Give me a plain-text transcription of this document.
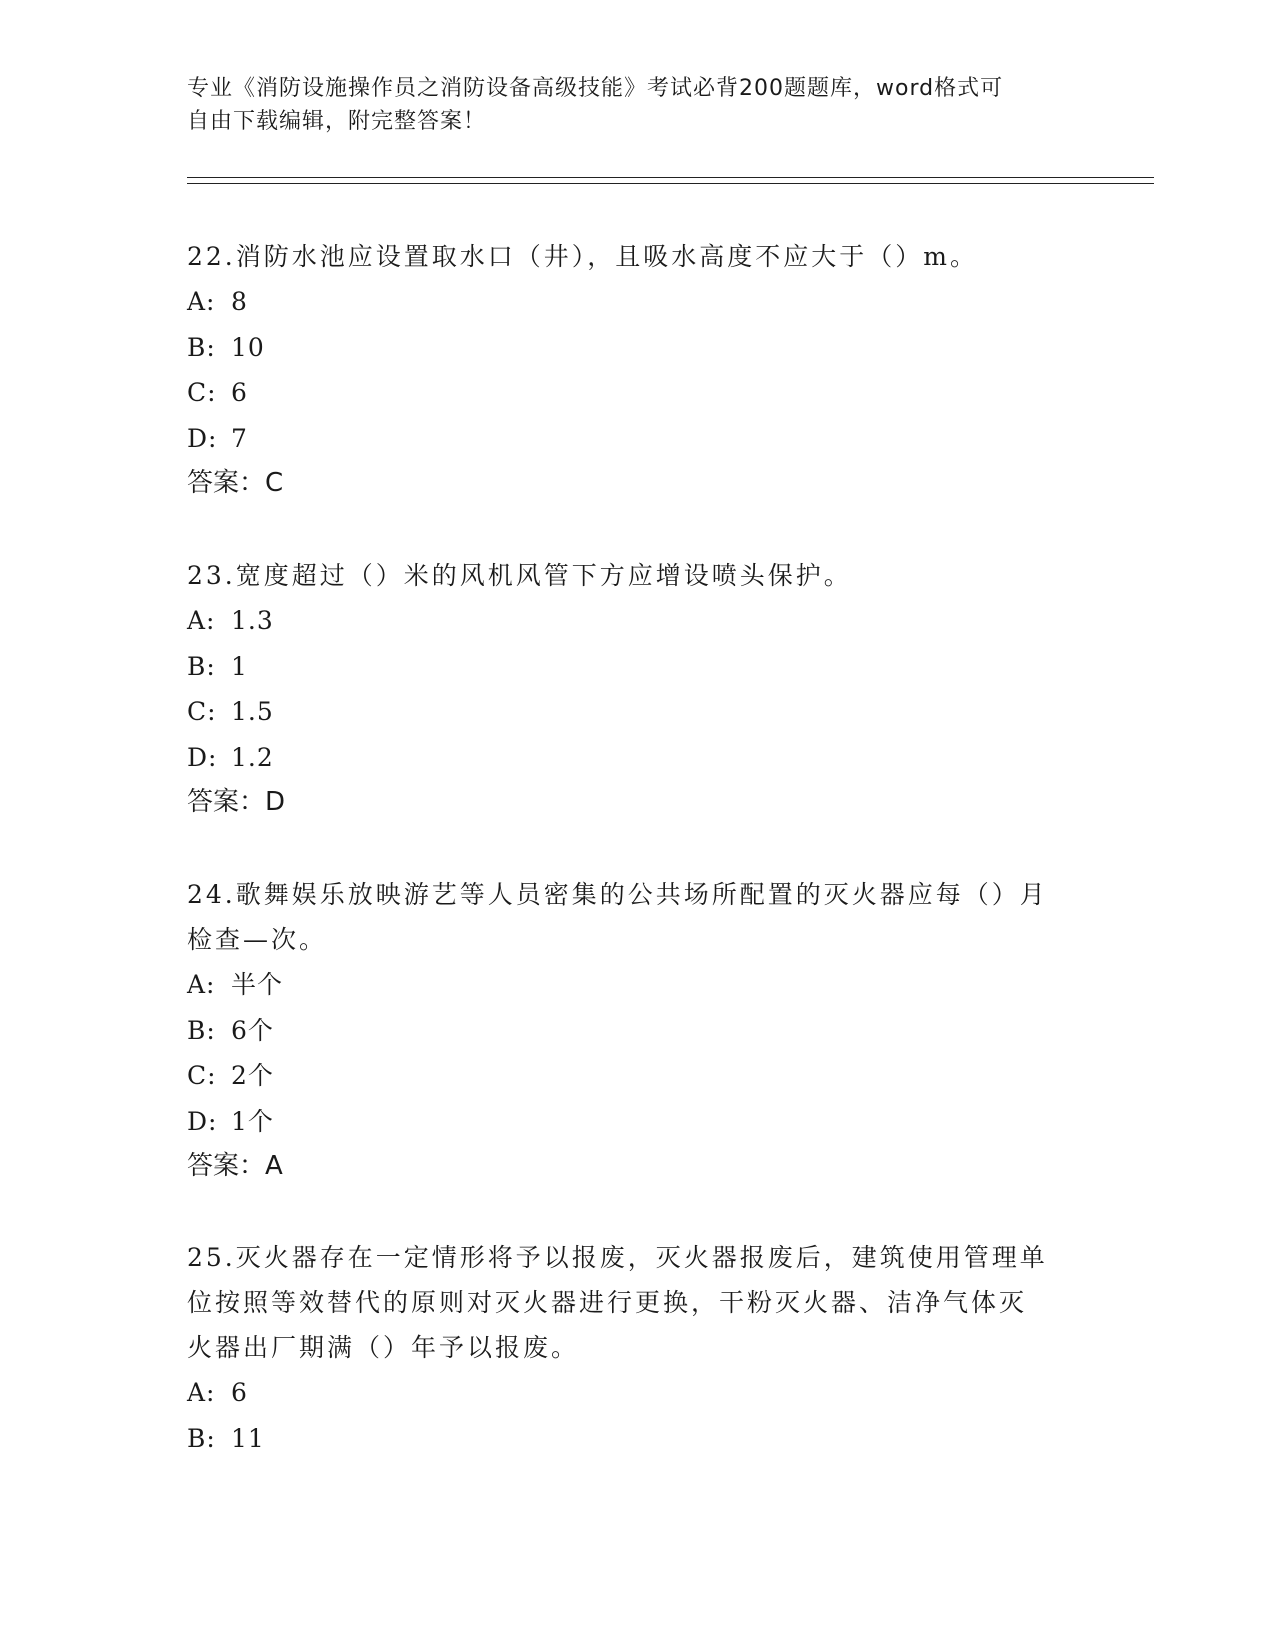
专业《消防设施操作员之消防设备高级技能》考试必背200题题库，word格式可

自由下载编辑，附完整答案！

22.消防水池应设置取水口（井），且吸水高度不应大于（）m。

A: 8

B: 10

C: 6

D: 7

答案： C

23.宽度超过（）米的风机风管下方应增设喷头保护。

A: 1.3

B: 1

C: 1.5

D: 1.2

答案： D

24.歌舞娱乐放映游艺等人员密集的公共场所配置的灭火器应每（）月

检查—次。

A: 半个

B: 6个

C: 2个

D: 1个

答案： A

25.灭火器存在一定情形将予以报废，灭火器报废后，建筑使用管理单

位按照等效替代的原则对灭火器进行更换，干粉灭火器、洁净气体灭

火器出厂期满（）年予以报废。

A: 6

B: 11
